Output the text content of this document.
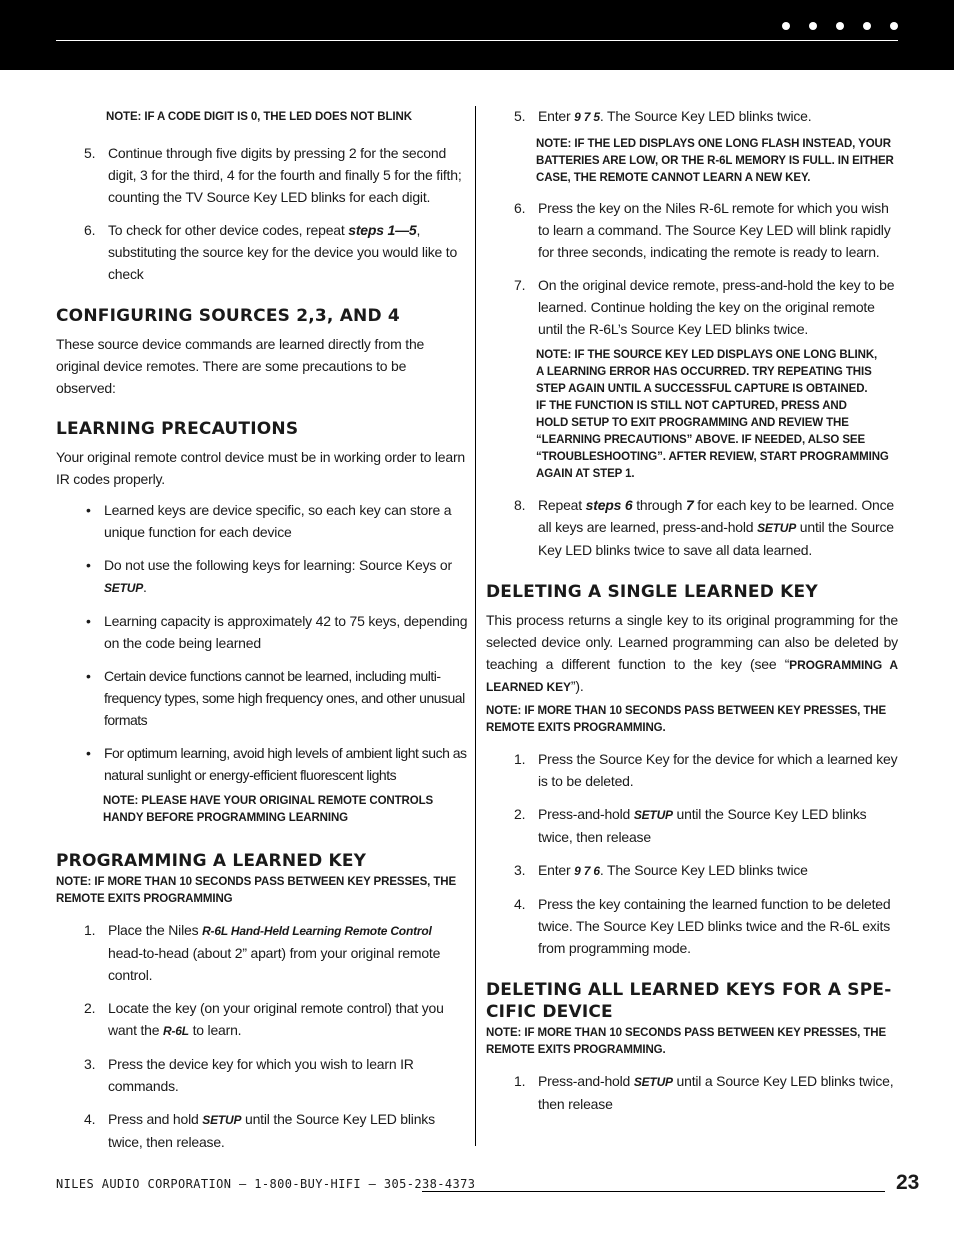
NOTE: IF A CODE DIGIT IS 0, THE LED DOES NOT BLINK
5. Continue through five digits by pressing 2 for the second digit, 3 for the third, 4 for the fourth and finally 5 for the fifth; counting the TV Source Key LED blinks for each digit.
6. To check for other device codes, repeat steps 1—5, substituting the source key for the device you would like to check
CONFIGURING SOURCES 2,3, AND 4

These source device commands are learned directly from the original device remotes. There are some precautions to be observed:

LEARNING PRECAUTIONS

Your original remote control device must be in working order to learn IR codes properly.

• Learned keys are device specific, so each key can store a unique function for each device
• Do not use the following keys for learning: Source Keys or SETUP.
• Learning capacity is approximately 42 to 75 keys, depending on the code being learned
• Certain device functions cannot be learned, including multi-frequency types, some high frequency ones, and other unusual formats
• For optimum learning, avoid high levels of ambient light such as natural sunlight or energy-efficient fluorescent lights
NOTE: PLEASE HAVE YOUR ORIGINAL REMOTE CONTROLS HANDY BEFORE PROGRAMMING LEARNING
PROGRAMMING A LEARNED KEY
NOTE: IF MORE THAN 10 SECONDS PASS BETWEEN KEY PRESSES, THE REMOTE EXITS PROGRAMMING
1. Place the Niles R-6L Hand-Held Learning Remote Control head-to-head (about 2” apart) from your original remote control.
2. Locate the key (on your original remote control) that you want the R-6L to learn.
3. Press the device key for which you wish to learn IR commands.
4. Press and hold SETUP until the Source Key LED blinks twice, then release.
5. Enter 9 7 5. The Source Key LED blinks twice.
NOTE: IF THE LED DISPLAYS ONE LONG FLASH INSTEAD, YOUR BATTERIES ARE LOW, OR THE R-6L MEMORY IS FULL. IN EITHER CASE, THE REMOTE CANNOT LEARN A NEW KEY.
6. Press the key on the Niles R-6L remote for which you wish to learn a command. The Source Key LED will blink rapidly for three seconds, indicating the remote is ready to learn.
7. On the original device remote, press-and-hold the key to be learned. Continue holding the key on the original remote until the R-6L’s Source Key LED blinks twice.
NOTE: IF THE SOURCE KEY LED DISPLAYS ONE LONG BLINK,
A LEARNING ERROR HAS OCCURRED. TRY REPEATING THIS
STEP AGAIN UNTIL A SUCCESSFUL CAPTURE IS OBTAINED.
IF THE FUNCTION IS STILL NOT CAPTURED, PRESS AND
HOLD SETUP TO EXIT PROGRAMMING AND REVIEW THE
“LEARNING PRECAUTIONS” ABOVE. IF NEEDED, ALSO SEE
“TROUBLESHOOTING”. AFTER REVIEW, START PROGRAMMING
AGAIN AT STEP 1.
8. Repeat steps 6 through 7 for each key to be learned. Once all keys are learned, press-and-hold SETUP until the Source Key LED blinks twice to save all data learned.
DELETING A SINGLE LEARNED KEY

This process returns a single key to its original programming for the selected device only. Learned programming can also be deleted by teaching a different function to the key (see “PROGRAMMING A LEARNED KEY”).

NOTE: IF MORE THAN 10 SECONDS PASS BETWEEN KEY PRESSES, THE REMOTE EXITS PROGRAMMING.
1. Press the Source Key for the device for which a learned key is to be deleted.
2. Press-and-hold SETUP until the Source Key LED blinks twice, then release
3. Enter 9 7 6. The Source Key LED blinks twice
4. Press the key containing the learned function to be deleted twice. The Source Key LED blinks twice and the R-6L exits from programming mode.
DELETING ALL LEARNED KEYS FOR A SPE-CIFIC DEVICE
NOTE: IF MORE THAN 10 SECONDS PASS BETWEEN KEY PRESSES, THE REMOTE EXITS PROGRAMMING.
1. Press-and-hold SETUP until a Source Key LED blinks twice, then release
NILES AUDIO CORPORATION – 1-800-BUY-HIFI – 305-238-4373	23
